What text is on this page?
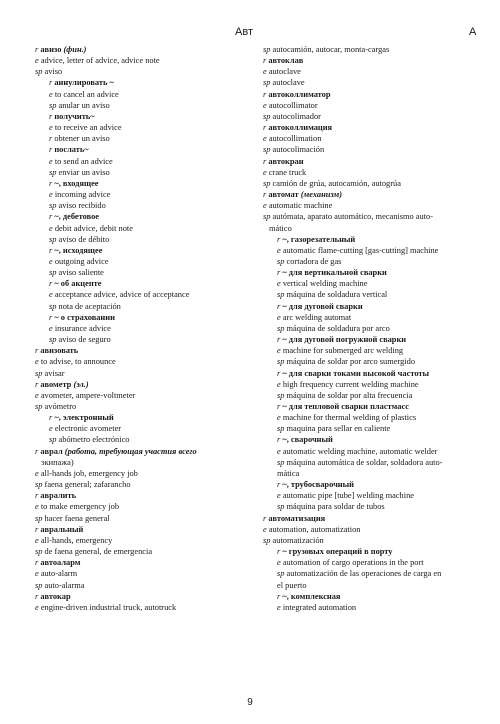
Авт	А
r авизо (фин.)
e advice, letter of advice, advice note
sp aviso
r аннулировать ~
e to cancel an advice
sp anular un aviso
r получить~
e to receive an advice
r obtener un aviso
r послать~
e to send an advice
sp enviar un aviso
r ~, входящее
e incoming advice
sp aviso recibido
r ~, дебетовое
e debit advice, debit note
sp aviso de débito
r ~, исходящее
e outgoing advice
sp aviso saliente
r ~ об акцепте
e acceptance advice, advice of acceptance
sp nota de aceptación
r ~ о страховании
e insurance advice
sp aviso de seguro
r авизовать
e to advise, to announce
sp avisar
r авометр (эл.)
e avometer, ampere-voltmeter
sp avómetro
r ~, электронный
e electronic avometer
sp abómetro electrónico
r аврал (работа, требующая участия всего
экипажа)
e all-hands job, emergency job
sp faena general; zafarancho
r авралить
e to make emergency job
sp hacer faena general
r авральный
e all-hands, emergency
sp de faena general, de emergencia
r автоаларм
e auto-alarm
sp auto-alarma
r автокар
e engine-driven industrial truck, autotruck
sp autocamión, autocar, monta-cargas
r автоклав
e autoclave
sp autoclave
r автоколлиматор
e autocollimator
sp autocolimador
r автоколлимация
e autocollimation
sp autocolimación
r автокран
e crane truck
sp camión de grúa, autocamión, autogrúa
r автомат (механизм)
e automatic machine
sp autómata, aparato automático, mecanismo auto-
mático
r ~, газорезательный
e automatic flame-cutting [gas-cutting] machine
sp cortadora de gas
r ~ для вертикальной сварки
e vertical welding machine
sp máquina de soldadura vertical
r ~ для дуговой сварки
e arc welding automat
sp máquina de soldadura por arco
r ~ для дуговой погружной сварки
e machine for submerged arc welding
sp máquina de soldar por arco sumergido
r ~ для сварки токами высокой частоты
e high frequency current welding machine
sp máquina de soldar por alta frecuencia
r ~ для тепловой сварки пластмасс
e machine for thermal welding of plastics
sp maquina para sellar en caliente
r ~, сварочный
e automatic welding machine, automatic welder
sp máquina automática de soldar, soldadora auto-
mática
r ~, трубосварочный
e automatic pipe [tube] welding machine
sp máquina para soldar de tubos
r автоматизация
e automation, automatization
sp automatización
r ~ грузовых операций в порту
e automation of cargo operations in the port
sp automatización de las operaciones de carga en
el puerto
r ~, комплексная
e integrated automation
9
